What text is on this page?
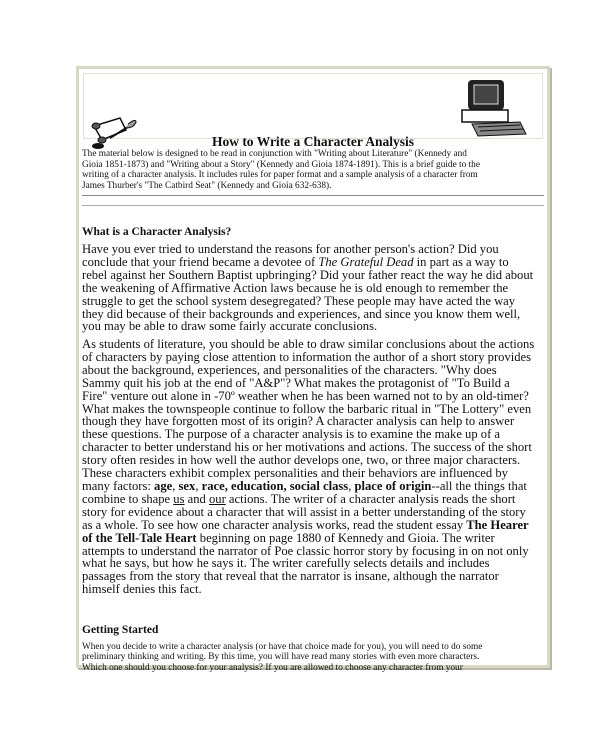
How to Write a Character Analysis
The material below is designed to be read in conjunction with "Writing about Literature" (Kennedy and
Gioia 1851-1873) and "Writing about a Story" (Kennedy and Gioia 1874-1891). This is a brief guide to the
writing of a character analysis. It includes rules for paper format and a sample analysis of a character from
James Thurber's "The Catbird Seat" (Kennedy and Gioia 632-638).
What is a Character Analysis?
Have you ever tried to understand the reasons for another person's action? Did you
conclude that your friend became a devotee of The Grateful Dead in part as a way to
rebel against her Southern Baptist upbringing? Did your father react the way he did about
the weakening of Affirmative Action laws because he is old enough to remember the
struggle to get the school system desegregated? These people may have acted the way
they did because of their backgrounds and experiences, and since you know them well,
you may be able to draw some fairly accurate conclusions.
As students of literature, you should be able to draw similar conclusions about the actions
of characters by paying close attention to information the author of a short story provides
about the background, experiences, and personalities of the characters. "Why does
Sammy quit his job at the end of "A&P"? What makes the protagonist of "To Build a
Fire" venture out alone in -70º weather when he has been warned not to by an old-timer?
What makes the townspeople continue to follow the barbaric ritual in "The Lottery" even
though they have forgotten most of its origin? A character analysis can help to answer
these questions. The purpose of a character analysis is to examine the make up of a
character to better understand his or her motivations and actions. The success of the short
story often resides in how well the author develops one, two, or three major characters.
These characters exhibit complex personalities and their behaviors are influenced by
many factors: age, sex, race, education, social class, place of origin--all the things that
combine to shape us and our actions. The writer of a character analysis reads the short
story for evidence about a character that will assist in a better understanding of the story
as a whole. To see how one character analysis works, read the student essay The Hearer
of the Tell-Tale Heart beginning on page 1880 of Kennedy and Gioia. The writer
attempts to understand the narrator of Poe classic horror story by focusing in on not only
what he says, but how he says it. The writer carefully selects details and includes
passages from the story that reveal that the narrator is insane, although the narrator
himself denies this fact.
Getting Started
When you decide to write a character analysis (or have that choice made for you), you will need to do some
preliminary thinking and writing. By this time, you will have read many stories with even more characters.
Which one should you choose for your analysis? If you are allowed to choose any character from your
